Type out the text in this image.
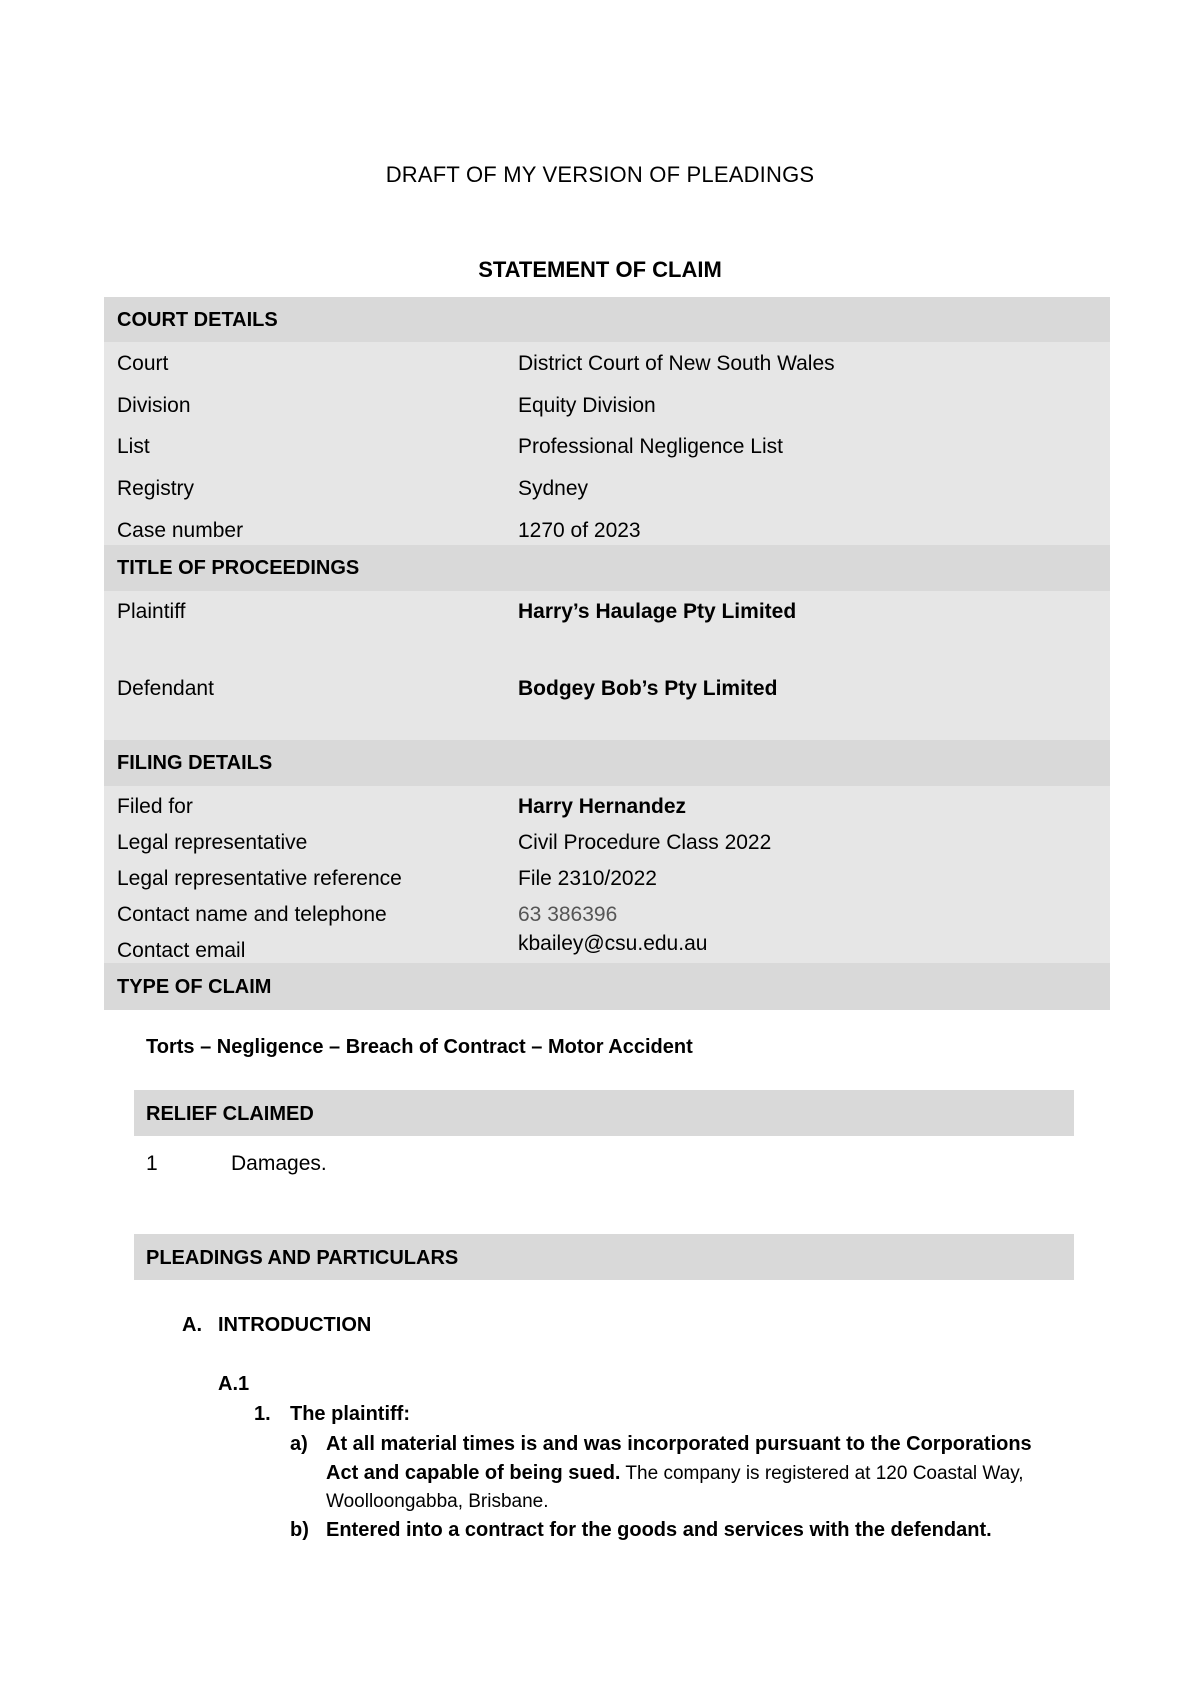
DRAFT OF MY VERSION OF PLEADINGS
STATEMENT OF CLAIM
COURT DETAILS
Court	District Court of New South Wales
Division	Equity Division
List	Professional Negligence List
Registry	Sydney
Case number	1270 of 2023
TITLE OF PROCEEDINGS
Plaintiff	Harry’s Haulage Pty Limited
Defendant	Bodgey Bob’s Pty Limited
FILING DETAILS
Filed for	Harry Hernandez
Legal representative	Civil Procedure Class 2022
Legal representative reference	File 2310/2022
Contact name and telephone	63 386396
Contact email	kbailey@csu.edu.au
TYPE OF CLAIM
Torts – Negligence – Breach of Contract – Motor Accident
RELIEF CLAIMED
1	Damages.
PLEADINGS AND PARTICULARS
A. INTRODUCTION
A.1
1. The plaintiff:
a) At all material times is and was incorporated pursuant to the Corporations
Act and capable of being sued. The company is registered at 120 Coastal Way,
Woolloongabba, Brisbane.
b) Entered into a contract for the goods and services with the defendant.
